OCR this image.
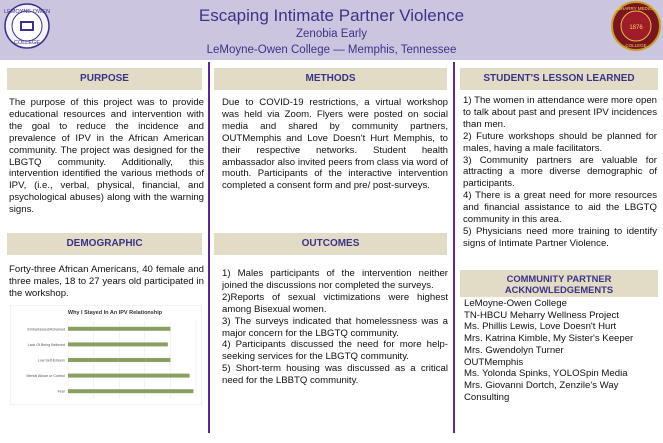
LEMOYNE-OWEN
COLLEGE
MEHARRY MEDICAL
COLLEGE
1876
Escaping Intimate Partner Violence
Zenobia Early
LeMoyne-Owen College — Memphis, Tennessee
PURPOSE
The purpose of this project was to provide educational resources and intervention with the goal to reduce the incidence and prevalence of IPV in the African American community. The project was designed for the LBGTQ community. Additionally, this intervention identified the various methods of IPV, (i.e., verbal, physical, financial, and psychological abuses) along with the warning signs.
DEMOGRAPHIC
Forty-three African Americans, 40 female and three males, 18 to 27 years old participated in the workshop.
Why I Stayed In An IPV Relationship
Embarrassed/Ashamed
Lack Of Being Believed
Low Self-Esteem
Mental Abuse or Control
Fear
METHODS
Due to COVID-19 restrictions, a virtual workshop was held via Zoom. Flyers were posted on social media and shared by community partners, OUTMemphis and Love Doesn't Hurt Memphis, to their respective networks. Student health ambassador also invited peers from class via word of mouth. Participants of the interactive intervention completed a consent form and pre/ post-surveys.
OUTCOMES

1) Males participants of the intervention neither joined the discussions nor completed the surveys.

2)Reports of sexual victimizations were highest among Bisexual women.

3) The surveys indicated that homelessness was a major concern for the LBGTQ community.

4) Participants discussed the need for more help-seeking services for the LBGTQ community.

5) Short-term housing was discussed as a critical need for the LBBTQ community.

STUDENT'S LESSON LEARNED

1) The women in attendance were more open to talk about past and present IPV incidences than men.

2) Future workshops should be planned for males, having a male facilitators.

3) Community partners are valuable for attracting a more diverse demographic of participants.

4) There is a great need for more resources and financial assistance to aid the LBGTQ community in this area.

5) Physicians need more training to identify signs of Intimate Partner Violence.

COMMUNITY PARTNER
ACKNOWLEDGEMENTS

LeMoyne-Owen College

TN-HBCU Meharry Wellness Project

Ms. Phillis Lewis, Love Doesn't Hurt

Mrs. Katrina Kimble, My Sister's Keeper

Mrs. Gwendolyn Turner

OUTMemphis

Ms. Yolonda Spinks, YOLOSpin Media

Mrs. Giovanni Dortch, Zenzile's Way Consulting
